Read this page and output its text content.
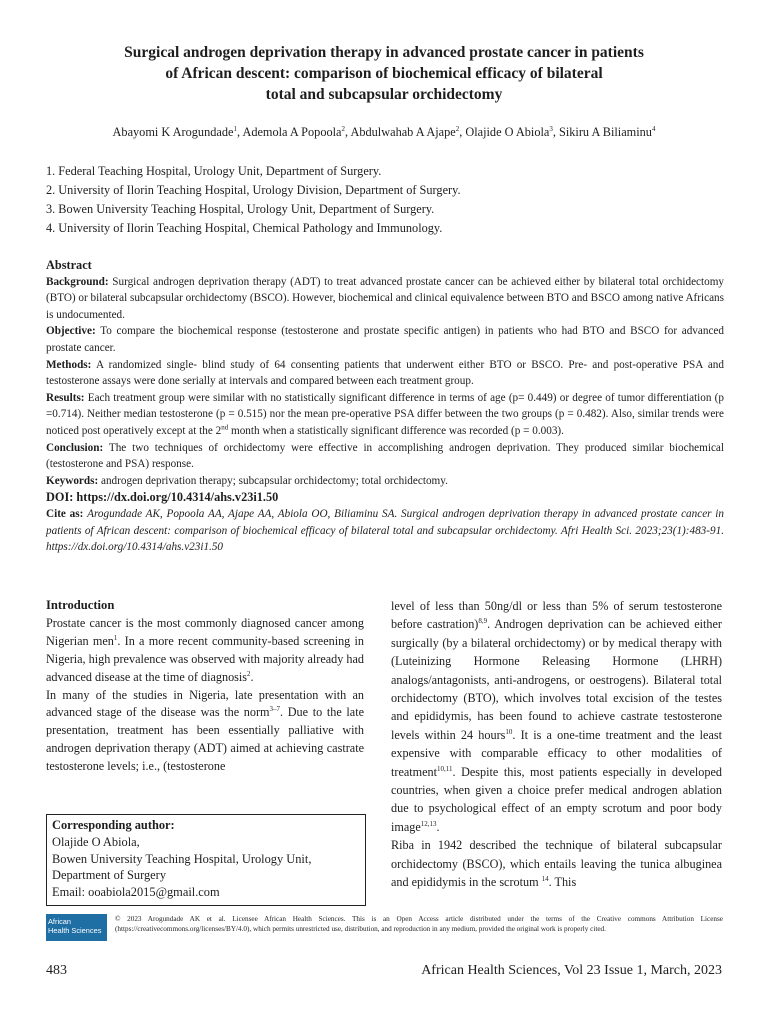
Surgical androgen deprivation therapy in advanced prostate cancer in patients
of African descent: comparison of biochemical efficacy of bilateral
total and subcapsular orchidectomy
Abayomi K Arogundade$^1$, Ademola A Popoola$^2$, Abdulwahab A Ajape$^2$, Olajide O Abiola$^3$, Sikiru A Biliaminu$^4$
1. Federal Teaching Hospital, Urology Unit, Department of Surgery.
2. University of Ilorin Teaching Hospital, Urology Division, Department of Surgery.
3. Bowen University Teaching Hospital, Urology Unit, Department of Surgery.
4. University of Ilorin Teaching Hospital, Chemical Pathology and Immunology.

Abstract

Background: Surgical androgen deprivation therapy (ADT) to treat advanced prostate cancer can be achieved either by bilateral total orchidectomy (BTO) or bilateral subcapsular orchidectomy (BSCO). However, biochemical and clinical equivalence between BTO and BSCO among native Africans is undocumented.

Objective: To compare the biochemical response (testosterone and prostate specific antigen) in patients who had BTO and BSCO for advanced prostate cancer.

Methods: A randomized single- blind study of 64 consenting patients that underwent either BTO or BSCO. Pre- and post-operative PSA and testosterone assays were done serially at intervals and compared between each treatment group.

Results: Each treatment group were similar with no statistically significant difference in terms of age (p= 0.449) or degree of tumor differentiation (p =0.714). Neither median testosterone (p = 0.515) nor the mean pre-operative PSA differ between the two groups (p = 0.482). Also, similar trends were noticed post operatively except at the 2nd month when a statistically significant difference was recorded (p = 0.003).

Conclusion: The two techniques of orchidectomy were effective in accomplishing androgen deprivation. They produced similar biochemical (testosterone and PSA) response.

Keywords: androgen deprivation therapy; subcapsular orchidectomy; total orchidectomy.

DOI: https://dx.doi.org/10.4314/ahs.v23i1.50

Cite as: Arogundade AK, Popoola AA, Ajape AA, Abiola OO, Biliaminu SA. Surgical androgen deprivation therapy in advanced prostate cancer in patients of African descent: comparison of biochemical efficacy of bilateral total and subcapsular orchidectomy. Afri Health Sci. 2023;23(1):483-91. https://dx.doi.org/10.4314/ahs.v23i1.50

Introduction

Prostate cancer is the most commonly diagnosed cancer among Nigerian men$^1$. In a more recent community-based screening in Nigeria, high prevalence was observed with majority already had advanced disease at the time of diagnosis$^2$.

In many of the studies in Nigeria, late presentation with an advanced stage of the disease was the norm$^{3-7}$. Due to the late presentation, treatment has been essentially palliative with androgen deprivation therapy (ADT) aimed at achieving castrate testosterone levels; i.e., (testosterone

level of less than 50ng/dl or less than 5% of serum testosterone before castration)$^{8,9}$. Androgen deprivation can be achieved either surgically (by a bilateral orchidectomy) or by medical therapy with (Luteinizing Hormone Releasing Hormone (LHRH) analogs/antagonists, anti-androgens, or oestrogens). Bilateral total orchidectomy (BTO), which involves total excision of the testes and epididymis, has been found to achieve castrate testosterone levels within 24 hours$^{10}$. It is a one-time treatment and the least expensive with comparable efficacy to other modalities of treatment$^{10,11}$. Despite this, most patients especially in developed countries, when given a choice prefer medical androgen ablation due to psychological effect of an empty scrotum and poor body image$^{12,13}$.

Riba in 1942 described the technique of bilateral subcapsular orchidectomy (BSCO), which entails leaving the tunica albuginea and epididymis in the scrotum $^{14}$. This

Corresponding author:
Olajide O Abiola,
Bowen University Teaching Hospital, Urology Unit,
Department of Surgery
Email: ooabiola2015@gmail.com
African
Health Sciences
© 2023 Arogundade AK et al. Licensee African Health Sciences. This is an Open Access article distributed under the terms of the Creative commons Attribution License (https://creativecommons.org/licenses/BY/4.0), which permits unrestricted use, distribution, and reproduction in any medium, provided the original work is properly cited.
483	African Health Sciences, Vol 23 Issue 1, March, 2023
